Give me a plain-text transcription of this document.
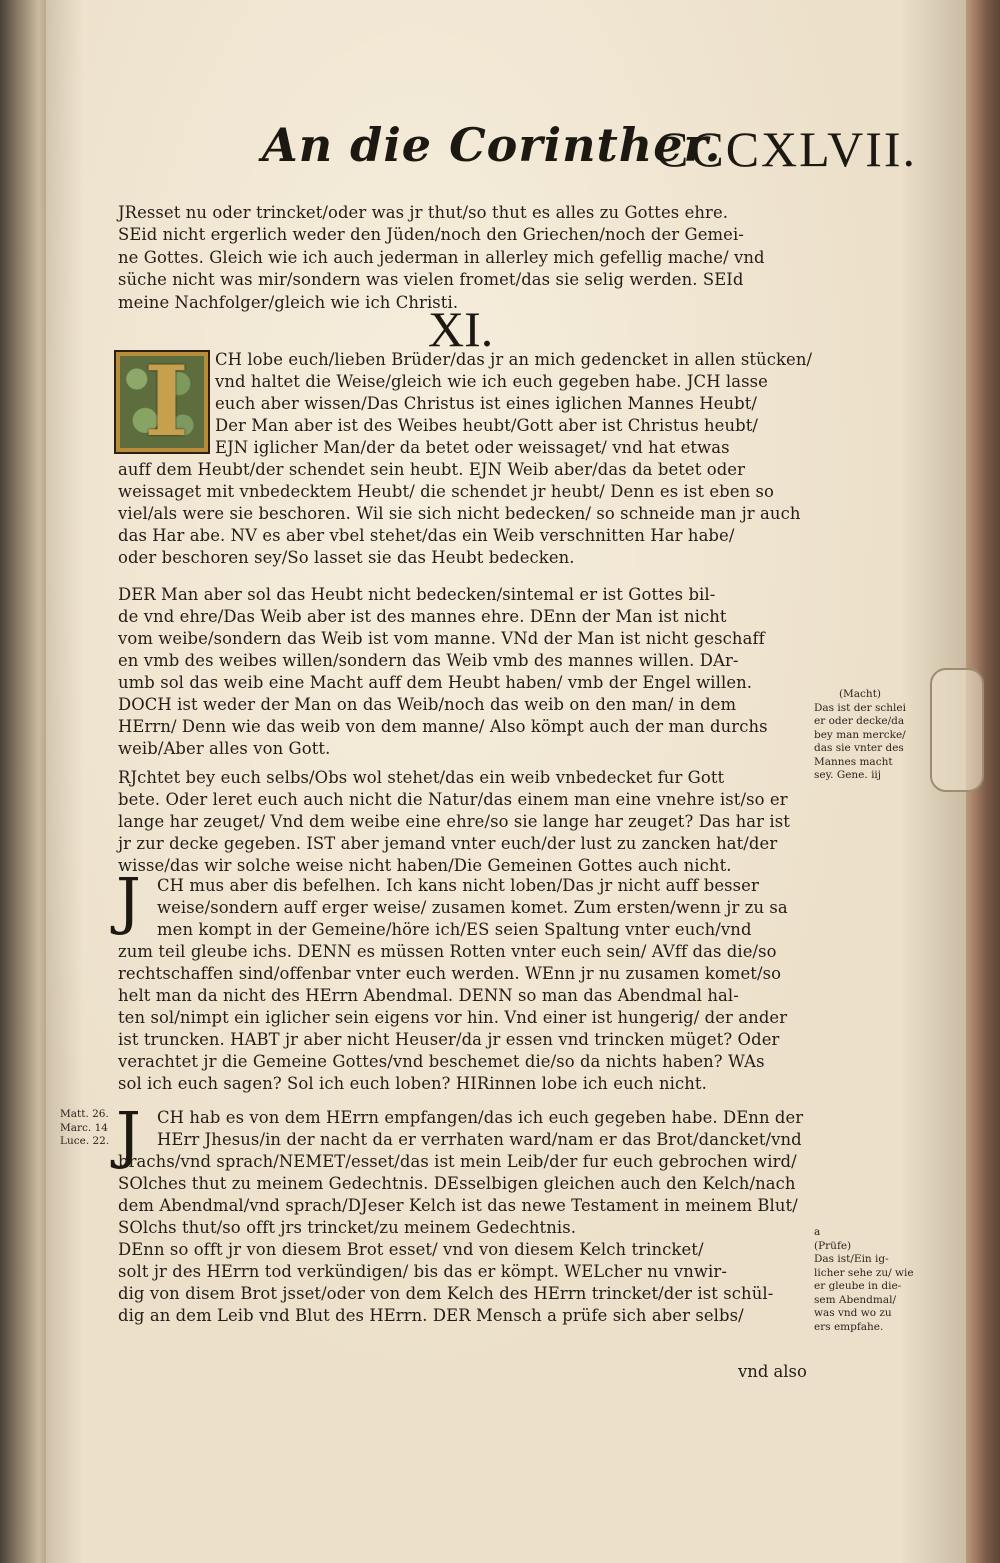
An die Corinther.
CCCXLVII.
JResset nu oder trincket/oder was jr thut/so thut es alles zu Gottes ehre.
SEid nicht ergerlich weder den Jüden/noch den Griechen/noch der Gemei-
ne Gottes. Gleich wie ich auch jederman in allerley mich gefellig mache/ vnd
süche nicht was mir/sondern was vielen fromet/das sie selig werden. SEId
meine Nachfolger/gleich wie ich Christi.
XI.
I CH lobe euch/lieben Brüder/das jr an mich gedencket in allen stücken/
vnd haltet die Weise/gleich wie ich euch gegeben habe. JCH lasse
euch aber wissen/Das Christus ist eines iglichen Mannes Heubt/
Der Man aber ist des Weibes heubt/Gott aber ist Christus heubt/
EJN iglicher Man/der da betet oder weissaget/ vnd hat etwas
auff dem Heubt/der schendet sein heubt. EJN Weib aber/das da betet oder
weissaget mit vnbedecktem Heubt/ die schendet jr heubt/ Denn es ist eben so
viel/als were sie beschoren. Wil sie sich nicht bedecken/ so schneide man jr auch
das Har abe. NV es aber vbel stehet/das ein Weib verschnitten Har habe/
oder beschoren sey/So lasset sie das Heubt bedecken.
DER Man aber sol das Heubt nicht bedecken/sintemal er ist Gottes bil-
de vnd ehre/Das Weib aber ist des mannes ehre. DEnn der Man ist nicht
vom weibe/sondern das Weib ist vom manne. VNd der Man ist nicht geschaff
en vmb des weibes willen/sondern das Weib vmb des mannes willen. DAr-
umb sol das weib eine Macht auff dem Heubt haben/ vmb der Engel willen.
DOCH ist weder der Man on das Weib/noch das weib on den man/ in dem
HErrn/ Denn wie das weib von dem manne/ Also kömpt auch der man durchs
weib/Aber alles von Gott.
RJchtet bey euch selbs/Obs wol stehet/das ein weib vnbedecket fur Gott
bete. Oder leret euch auch nicht die Natur/das einem man eine vnehre ist/so er
lange har zeuget/ Vnd dem weibe eine ehre/so sie lange har zeuget? Das har ist
jr zur decke gegeben. IST aber jemand vnter euch/der lust zu zancken hat/der
wisse/das wir solche weise nicht haben/Die Gemeinen Gottes auch nicht.
J CH mus aber dis befelhen. Ich kans nicht loben/Das jr nicht auff besser
weise/sondern auff erger weise/ zusamen komet. Zum ersten/wenn jr zu sa
men kompt in der Gemeine/höre ich/ES seien Spaltung vnter euch/vnd
zum teil gleube ichs. DENN es müssen Rotten vnter euch sein/ AVff das die/so
rechtschaffen sind/offenbar vnter euch werden. WEnn jr nu zusamen komet/so
helt man da nicht des HErrn Abendmal. DENN so man das Abendmal hal-
ten sol/nimpt ein iglicher sein eigens vor hin. Vnd einer ist hungerig/ der ander
ist truncken. HABT jr aber nicht Heuser/da jr essen vnd trincken müget? Oder
verachtet jr die Gemeine Gottes/vnd beschemet die/so da nichts haben? WAs
sol ich euch sagen? Sol ich euch loben? HIRinnen lobe ich euch nicht.
J CH hab es von dem HErrn empfangen/das ich euch gegeben habe. DEnn der
HErr Jhesus/in der nacht da er verrhaten ward/nam er das Brot/dancket/vnd
brachs/vnd sprach/NEMET/esset/das ist mein Leib/der fur euch gebrochen wird/
SOlches thut zu meinem Gedechtnis. DEsselbigen gleichen auch den Kelch/nach
dem Abendmal/vnd sprach/DJeser Kelch ist das newe Testament in meinem Blut/
SOlchs thut/so offt jrs trincket/zu meinem Gedechtnis.
DEnn so offt jr von diesem Brot esset/ vnd von diesem Kelch trincket/
solt jr des HErrn tod verkündigen/ bis das er kömpt. WELcher nu vnwir-
dig von disem Brot jsset/oder von dem Kelch des HErrn trincket/der ist schül-
dig an dem Leib vnd Blut des HErrn. DER Mensch a prüfe sich aber selbs/
vnd also
(Macht)
Das ist der schlei
er oder decke/da
bey man mercke/
das sie vnter des
Mannes macht
sey. Gene. iij
a
(Prüfe)
Das ist/Ein ig-
licher sehe zu/ wie
er gleube in die-
sem Abendmal/
was vnd wo zu
ers empfahe.
Matt. 26.
Marc. 14
Luce. 22.
